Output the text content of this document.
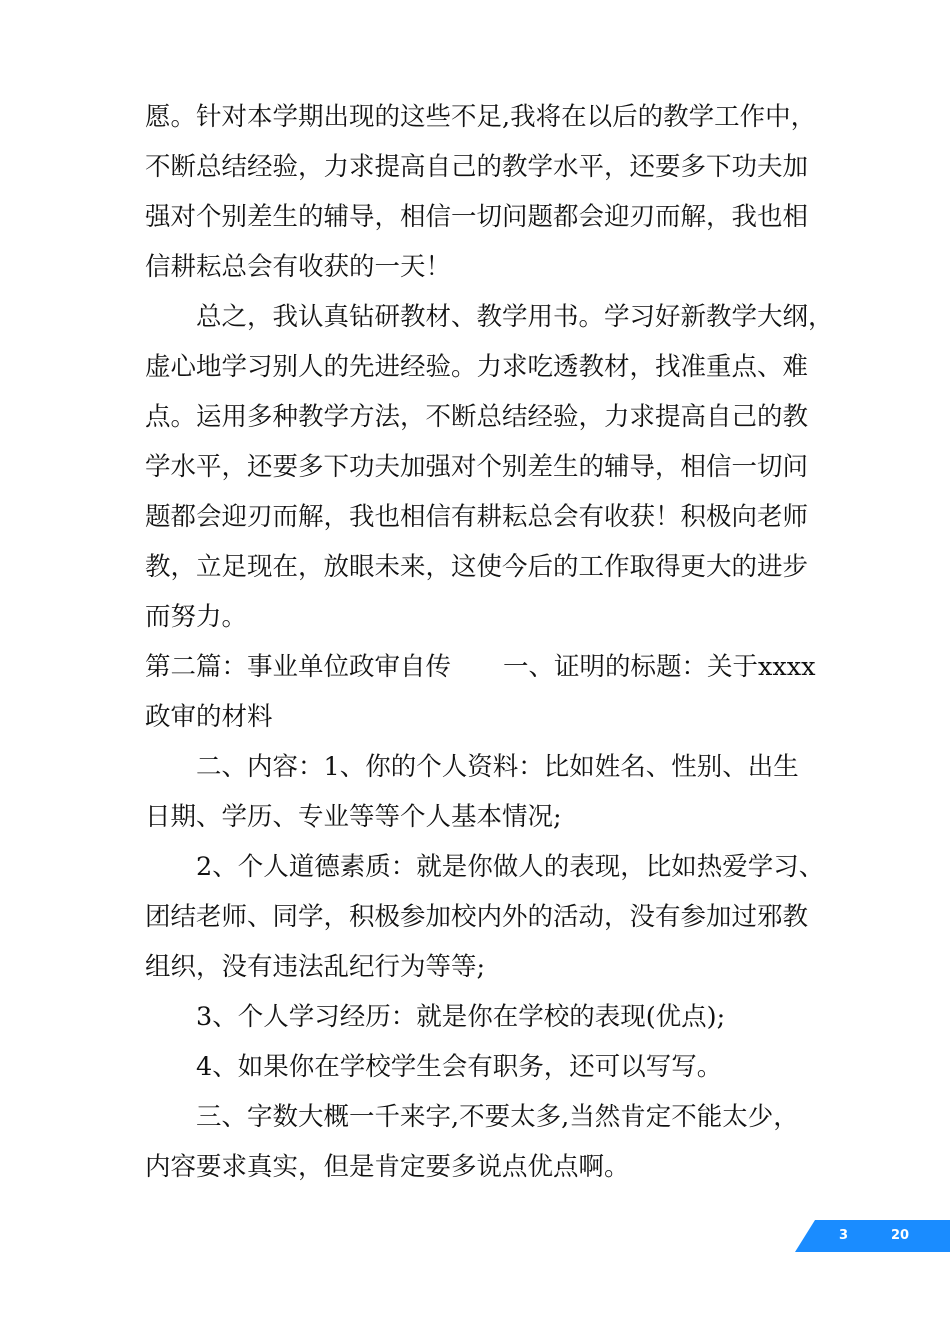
愿。针对本学期出现的这些不足,我将在以后的教学工作中，
不断总结经验，力求提高自己的教学水平，还要多下功夫加
强对个别差生的辅导，相信一切问题都会迎刃而解，我也相
信耕耘总会有收获的一天！

总之，我认真钻研教材、教学用书。学习好新教学大纲，
虚心地学习别人的先进经验。力求吃透教材，找准重点、难
点。运用多种教学方法，不断总结经验，力求提高自己的教
学水平，还要多下功夫加强对个别差生的辅导，相信一切问
题都会迎刃而解，我也相信有耕耘总会有收获！积极向老师
教，立足现在，放眼未来，这使今后的工作取得更大的进步
而努力。

第二篇：事业单位政审自传 一、证明的标题：关于xxxx
政审的材料

二、内容：1、你的个人资料：比如姓名、性别、出生
日期、学历、专业等等个人基本情况;

2、个人道德素质：就是你做人的表现，比如热爱学习、
团结老师、同学，积极参加校内外的活动，没有参加过邪教
组织，没有违法乱纪行为等等;

3、个人学习经历：就是你在学校的表现(优点);

4、如果你在学校学生会有职务，还可以写写。

三、字数大概一千来字,不要太多,当然肯定不能太少，
内容要求真实，但是肯定要多说点优点啊。

3	20
